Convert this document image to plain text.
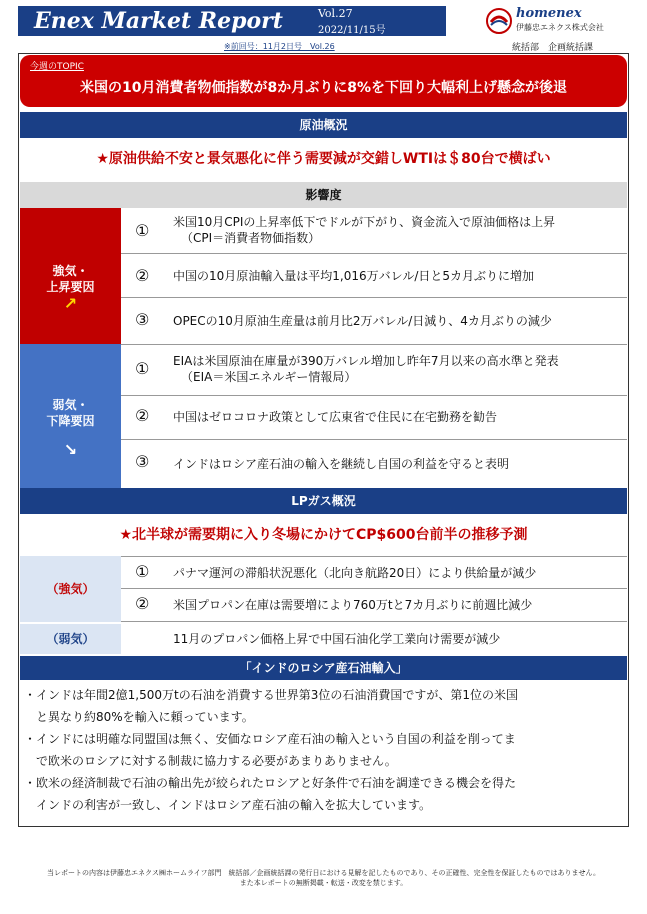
Enex Market Report	Vol.27
2022/11/15号
homenex
伊藤忠エネクス株式会社
※前回号：11月2日号　Vol.26	統括部　企画統括課
今週のTOPIC
米国の10月消費者物価指数が8か月ぶりに8%を下回り大幅利上げ懸念が後退
原油概況
★原油供給不安と景気悪化に伴う需要減が交錯しWTIは＄80台で横ばい
影響度
強気・
上昇要因
↗
① 米国10月CPIの上昇率低下でドルが下がり、資金流入で原油価格は上昇
（CPI＝消費者物価指数）
② 中国の10月原油輸入量は平均1,016万バレル/日と5カ月ぶりに増加
③ OPECの10月原油生産量は前月比2万バレル/日減り、4カ月ぶりの減少
弱気・
下降要因
↘
① EIAは米国原油在庫量が390万バレル増加し昨年7月以来の高水準と発表
（EIA＝米国エネルギー情報局）
② 中国はゼロコロナ政策として広東省で住民に在宅勤務を勧告
③ インドはロシア産石油の輸入を継続し自国の利益を守ると表明
LPガス概況
★北半球が需要期に入り冬場にかけてCP$600台前半の推移予測
（強気）
① パナマ運河の滞船状況悪化（北向き航路20日）により供給量が減少
② 米国プロパン在庫は需要増により760万tと7カ月ぶりに前週比減少
（弱気）	11月のプロパン価格上昇で中国石油化学工業向け需要が減少
「インドのロシア産石油輸入」
・インドは年間2億1,500万tの石油を消費する世界第3位の石油消費国ですが、第1位の米国
　と異なり約80%を輸入に頼っています。
・インドには明確な同盟国は無く、安価なロシア産石油の輸入という自国の利益を削ってま
　で欧米のロシアに対する制裁に協力する必要があまりありません。
・欧米の経済制裁で石油の輸出先が絞られたロシアと好条件で石油を調達できる機会を得た
　インドの利害が一致し、インドはロシア産石油の輸入を拡大しています。
当レポートの内容は伊藤忠エネクス㈱ホームライフ部門　統括部／企画統括課の発行日における見解を記したものであり、その正確性、完全性を保証したものではありません。
また本レポートの無断掲載・転送・改変を禁じます。
